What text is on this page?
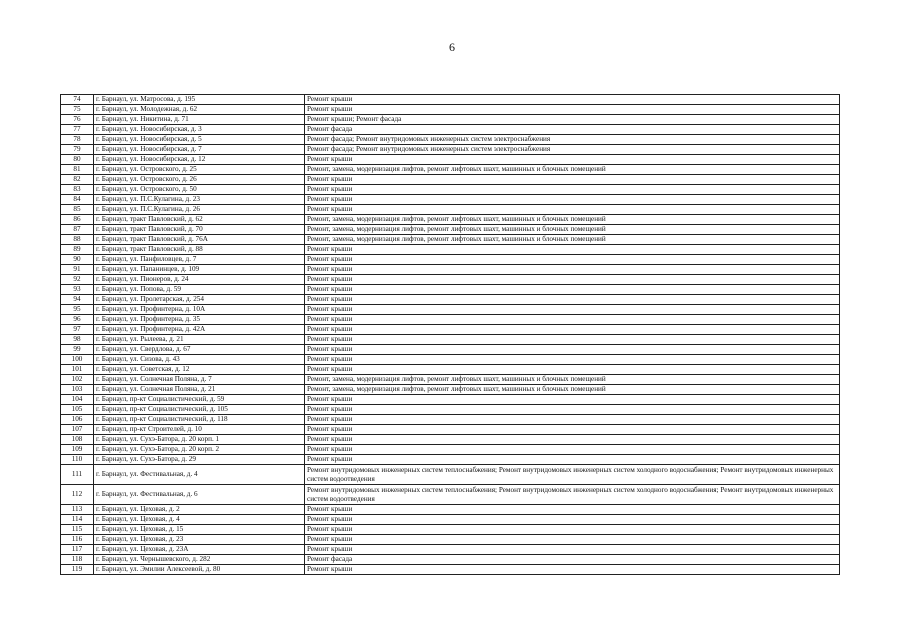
6
74	г. Барнаул, ул. Матросова, д. 195	Ремонт крыши
75	г. Барнаул, ул. Молодежная, д. 62	Ремонт крыши
76	г. Барнаул, ул. Никитина, д. 71	Ремонт крыши; Ремонт фасада
77	г. Барнаул, ул. Новосибирская, д. 3	Ремонт фасада
78	г. Барнаул, ул. Новосибирская, д. 5	Ремонт фасада; Ремонт внутридомовых инженерных систем электроснабжения
79	г. Барнаул, ул. Новосибирская, д. 7	Ремонт фасада; Ремонт внутридомовых инженерных систем электроснабжения
80	г. Барнаул, ул. Новосибирская, д. 12	Ремонт крыши
81	г. Барнаул, ул. Островского, д. 25	Ремонт, замена, модернизация лифтов, ремонт лифтовых шахт, машинных и блочных помещений
82	г. Барнаул, ул. Островского, д. 26	Ремонт крыши
83	г. Барнаул, ул. Островского, д. 50	Ремонт крыши
84	г. Барнаул, ул. П.С.Кулагина, д. 23	Ремонт крыши
85	г. Барнаул, ул. П.С.Кулагина, д. 26	Ремонт крыши
86	г. Барнаул, тракт Павловский, д. 62	Ремонт, замена, модернизация лифтов, ремонт лифтовых шахт, машинных и блочных помещений
87	г. Барнаул, тракт Павловский, д. 70	Ремонт, замена, модернизация лифтов, ремонт лифтовых шахт, машинных и блочных помещений
88	г. Барнаул, тракт Павловский, д. 76А	Ремонт, замена, модернизация лифтов, ремонт лифтовых шахт, машинных и блочных помещений
89	г. Барнаул, тракт Павловский, д. 88	Ремонт крыши
90	г. Барнаул, ул. Панфиловцев, д. 7	Ремонт крыши
91	г. Барнаул, ул. Папанинцев, д. 109	Ремонт крыши
92	г. Барнаул, ул. Пионеров, д. 24	Ремонт крыши
93	г. Барнаул, ул. Попова, д. 59	Ремонт крыши
94	г. Барнаул, ул. Пролетарская, д. 254	Ремонт крыши
95	г. Барнаул, ул. Профинтерна, д. 10А	Ремонт крыши
96	г. Барнаул, ул. Профинтерна, д. 35	Ремонт крыши
97	г. Барнаул, ул. Профинтерна, д. 42А	Ремонт крыши
98	г. Барнаул, ул. Рылеева, д. 21	Ремонт крыши
99	г. Барнаул, ул. Свердлова, д. 67	Ремонт крыши
100	г. Барнаул, ул. Сизова, д. 43	Ремонт крыши
101	г. Барнаул, ул. Советская, д. 12	Ремонт крыши
102	г. Барнаул, ул. Солнечная Поляна, д. 7	Ремонт, замена, модернизация лифтов, ремонт лифтовых шахт, машинных и блочных помещений
103	г. Барнаул, ул. Солнечная Поляна, д. 21	Ремонт, замена, модернизация лифтов, ремонт лифтовых шахт, машинных и блочных помещений
104	г. Барнаул, пр-кт Социалистический, д. 59	Ремонт крыши
105	г. Барнаул, пр-кт Социалистический, д. 105	Ремонт крыши
106	г. Барнаул, пр-кт Социалистический, д. 118	Ремонт крыши
107	г. Барнаул, пр-кт Строителей, д. 10	Ремонт крыши
108	г. Барнаул, ул. Сухэ-Батора, д. 20 корп. 1	Ремонт крыши
109	г. Барнаул, ул. Сухэ-Батора, д. 20 корп. 2	Ремонт крыши
110	г. Барнаул, ул. Сухэ-Батора, д. 29	Ремонт крыши
111	г. Барнаул, ул. Фестивальная, д. 4	Ремонт внутридомовых инженерных систем теплоснабжения; Ремонт внутридомовых инженерных систем холодного водоснабжения; Ремонт внутридомовых инженерных систем водоотведения
112	г. Барнаул, ул. Фестивальная, д. 6	Ремонт внутридомовых инженерных систем теплоснабжения; Ремонт внутридомовых инженерных систем холодного водоснабжения; Ремонт внутридомовых инженерных систем водоотведения
113	г. Барнаул, ул. Цеховая, д. 2	Ремонт крыши
114	г. Барнаул, ул. Цеховая, д. 4	Ремонт крыши
115	г. Барнаул, ул. Цеховая, д. 15	Ремонт крыши
116	г. Барнаул, ул. Цеховая, д. 23	Ремонт крыши
117	г. Барнаул, ул. Цеховая, д. 23А	Ремонт крыши
118	г. Барнаул, ул. Чернышевского, д. 282	Ремонт фасада
119	г. Барнаул, ул. Эмилии Алексеевой, д. 80	Ремонт крыши
